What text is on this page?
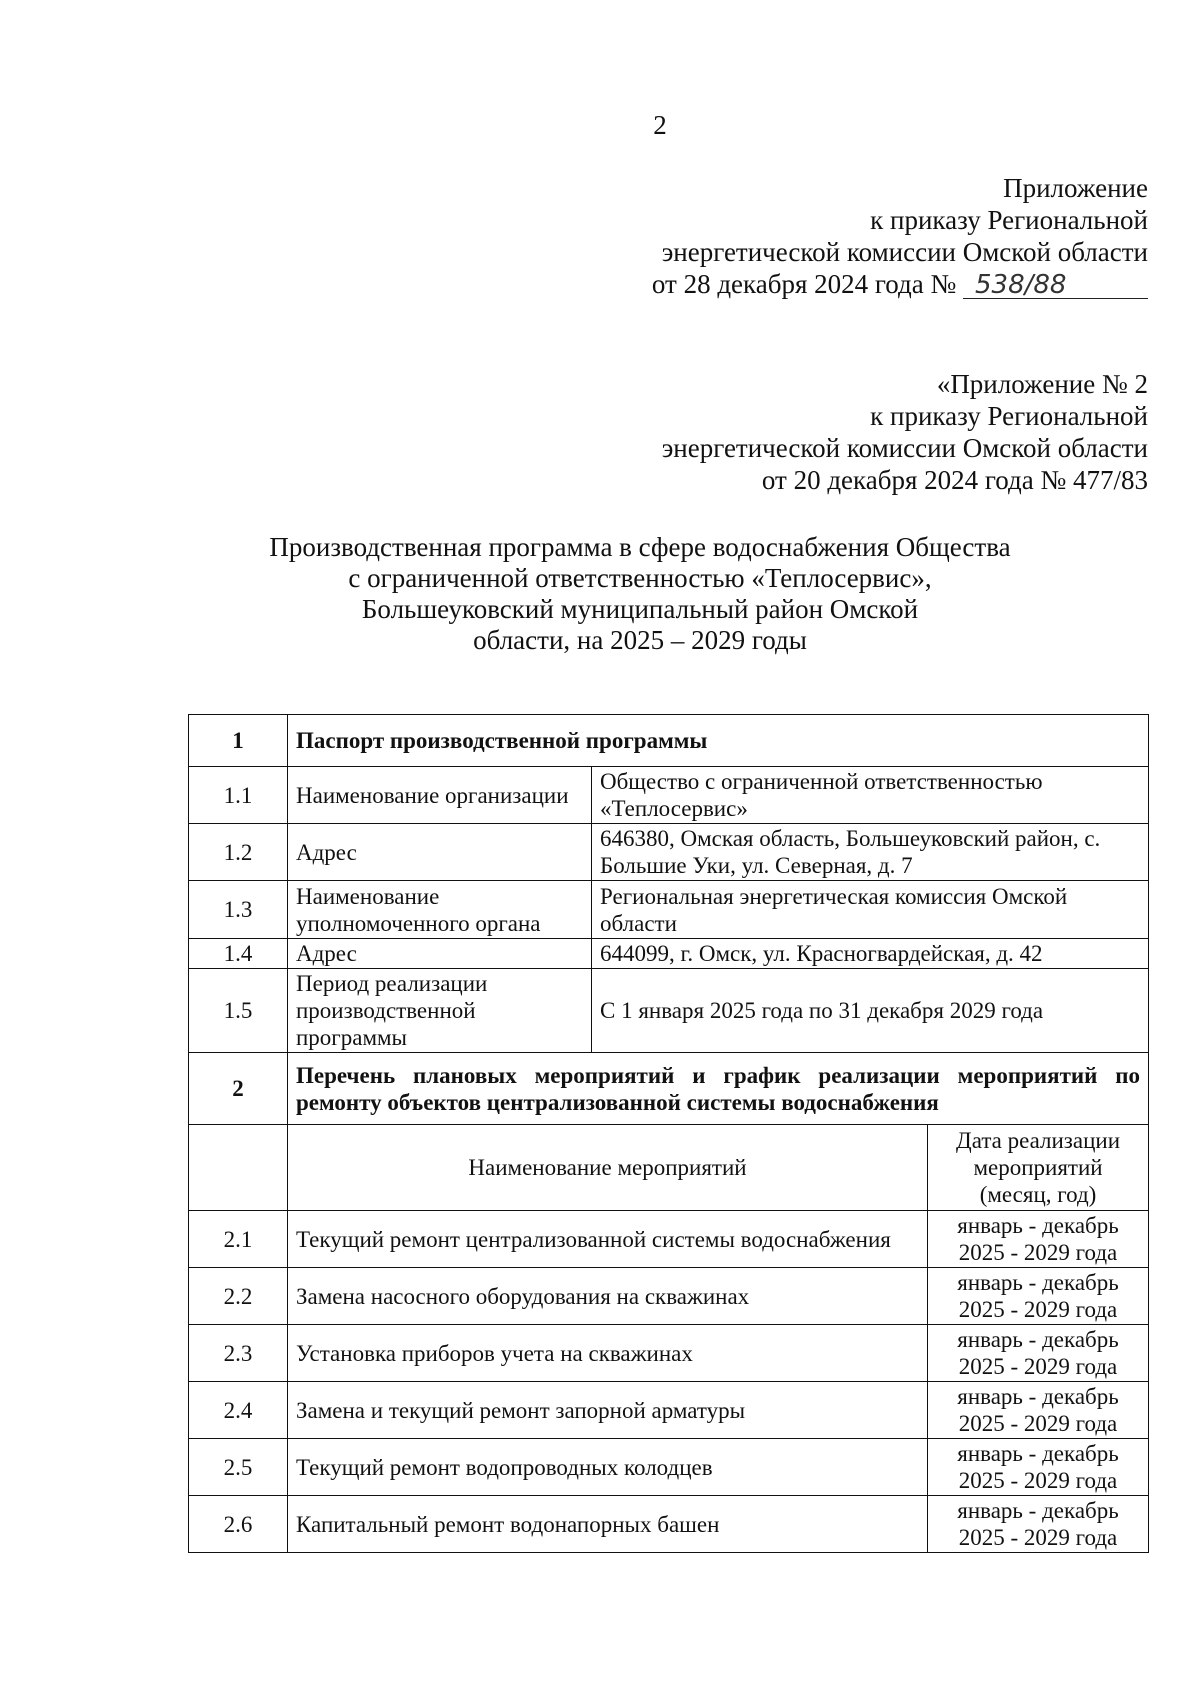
2
Приложение
к приказу Региональной
энергетической комиссии Омской области
от 28 декабря 2024 года № 538/88
«Приложение № 2
к приказу Региональной
энергетической комиссии Омской области
от 20 декабря 2024 года № 477/83
Производственная программа в сфере водоснабжения Общества
с ограниченной ответственностью «Теплосервис»,
Большеуковский муниципальный район Омской
области, на 2025 – 2029 годы
1	Паспорт производственной программы		
1.1	Наименование организации	Общество с ограниченной ответственностью «Теплосервис»	
1.2	Адрес	646380, Омская область, Большеуковский район, с. Большие Уки, ул. Северная, д. 7	
1.3	Наименование уполномоченного органа	Региональная энергетическая комиссия Омской области	
1.4	Адрес	644099, г. Омск, ул. Красногвардейская, д. 42	
1.5	Период реализации производственной программы	С 1 января 2025 года по 31 декабря 2029 года	
2	Перечень плановых мероприятий и график реализации мероприятий по ремонту объектов централизованной системы водоснабжения		
	Наименование мероприятий		Дата реализации мероприятий (месяц, год)
2.1	Текущий ремонт централизованной системы водоснабжения		январь - декабрь 2025 - 2029 года
2.2	Замена насосного оборудования на скважинах		январь - декабрь 2025 - 2029 года
2.3	Установка приборов учета на скважинах		январь - декабрь 2025 - 2029 года
2.4	Замена и текущий ремонт запорной арматуры		январь - декабрь 2025 - 2029 года
2.5	Текущий ремонт водопроводных колодцев		январь - декабрь 2025 - 2029 года
2.6	Капитальный ремонт водонапорных башен		январь - декабрь 2025 - 2029 года
